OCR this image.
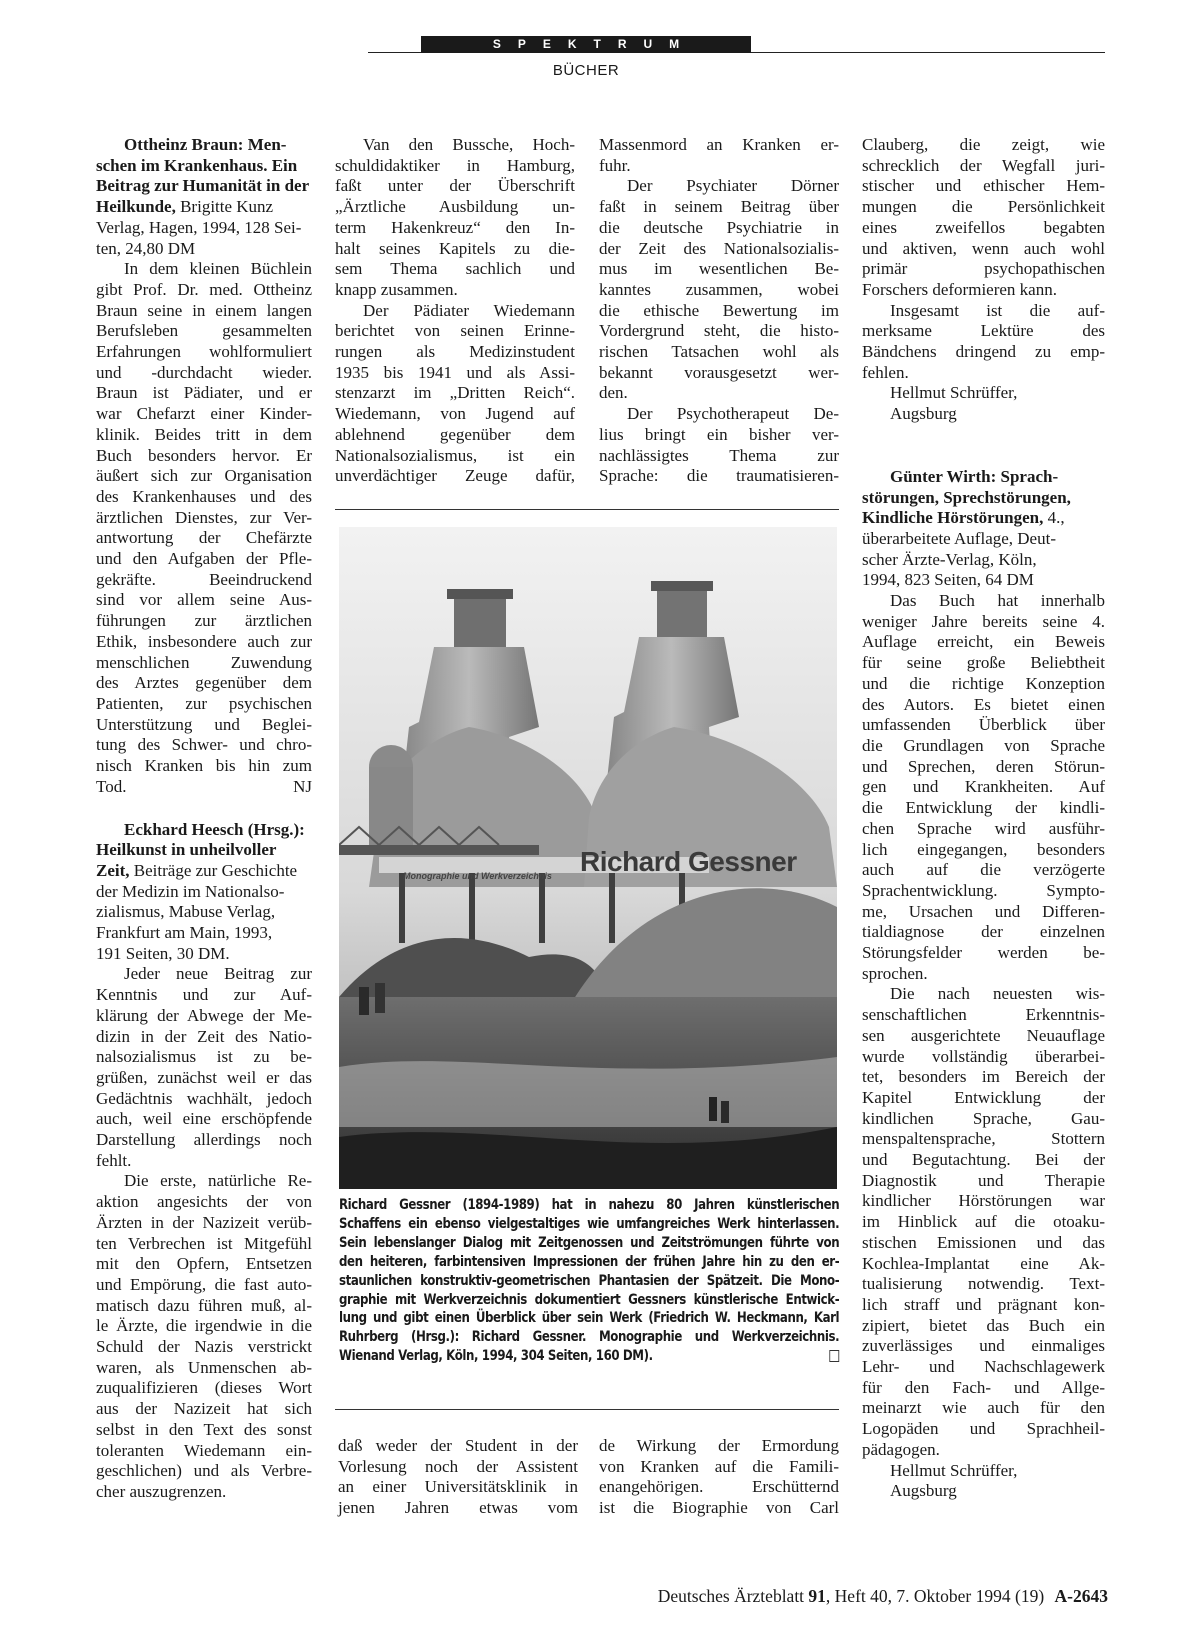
SPEKTRUM
BÜCHER

Ottheinz Braun: Men-

schen im Krankenhaus. Ein

Beitrag zur Humanität in der

Heilkunde, Brigitte Kunz

Verlag, Hagen, 1994, 128 Sei-

ten, 24,80 DM

In dem kleinen Büchlein

gibt Prof. Dr. med. Ottheinz

Braun seine in einem langen

Berufsleben gesammelten

Erfahrungen wohlformuliert

und -durchdacht wieder.

Braun ist Pädiater, und er

war Chefarzt einer Kinder-

klinik. Beides tritt in dem

Buch besonders hervor. Er

äußert sich zur Organisation

des Krankenhauses und des

ärztlichen Dienstes, zur Ver-

antwortung der Chefärzte

und den Aufgaben der Pfle-

gekräfte. Beeindruckend

sind vor allem seine Aus-

führungen zur ärztlichen

Ethik, insbesondere auch zur

menschlichen Zuwendung

des Arztes gegenüber dem

Patienten, zur psychischen

Unterstützung und Beglei-

tung des Schwer- und chro-

nisch Kranken bis hin zum

Tod.	NJ

Eckhard Heesch (Hrsg.):

Heilkunst in unheilvoller

Zeit, Beiträge zur Geschichte

der Medizin im Nationalso-

zialismus, Mabuse Verlag,

Frankfurt am Main, 1993,

191 Seiten, 30 DM.

Jeder neue Beitrag zur

Kenntnis und zur Auf-

klärung der Abwege der Me-

dizin in der Zeit des Natio-

nalsozialismus ist zu be-

grüßen, zunächst weil er das

Gedächtnis wachhält, jedoch

auch, weil eine erschöpfende

Darstellung allerdings noch

fehlt.

Die erste, natürliche Re-

aktion angesichts der von

Ärzten in der Nazizeit verüb-

ten Verbrechen ist Mitgefühl

mit den Opfern, Entsetzen

und Empörung, die fast auto-

matisch dazu führen muß, al-

le Ärzte, die irgendwie in die

Schuld der Nazis verstrickt

waren, als Unmenschen ab-

zuqualifizieren (dieses Wort

aus der Nazizeit hat sich

selbst in den Text des sonst

toleranten Wiedemann ein-

geschlichen) und als Verbre-

cher auszugrenzen.

Van den Bussche, Hoch-

schuldidaktiker in Hamburg,

faßt unter der Überschrift

„Ärztliche Ausbildung un-

term Hakenkreuz“ den In-

halt seines Kapitels zu die-

sem Thema sachlich und

knapp zusammen.

Der Pädiater Wiedemann

berichtet von seinen Erinne-

rungen als Medizinstudent

1935 bis 1941 und als Assi-

stenzarzt im „Dritten Reich“.

Wiedemann, von Jugend auf

ablehnend gegenüber dem

Nationalsozialismus, ist ein

unverdächtiger Zeuge dafür,

Massenmord an Kranken er-

fuhr.

Der Psychiater Dörner

faßt in seinem Beitrag über

die deutsche Psychiatrie in

der Zeit des Nationalsozialis-

mus im wesentlichen Be-

kanntes zusammen, wobei

die ethische Bewertung im

Vordergrund steht, die histo-

rischen Tatsachen wohl als

bekannt vorausgesetzt wer-

den.

Der Psychotherapeut De-

lius bringt ein bisher ver-

nachlässigtes Thema zur

Sprache: die traumatisieren-

Monographie und Werkverzeichnis Richard Gessner
Richard Gessner (1894-1989) hat in nahezu 80 Jahren künstlerischen
Schaffens ein ebenso vielgestaltiges wie umfangreiches Werk hinterlassen.
Sein lebenslanger Dialog mit Zeitgenossen und Zeitströmungen führte von
den heiteren, farbintensiven Impressionen der frühen Jahre hin zu den er-
staunlichen konstruktiv-geometrischen Phantasien der Spätzeit. Die Mono-
graphie mit Werkverzeichnis dokumentiert Gessners künstlerische Entwick-
lung und gibt einen Überblick über sein Werk (Friedrich W. Heckmann, Karl
Ruhrberg (Hrsg.): Richard Gessner. Monographie und Werkverzeichnis.
Wienand Verlag, Köln, 1994, 304 Seiten, 160 DM).

daß weder der Student in der

Vorlesung noch der Assistent

an einer Universitätsklinik in

jenen Jahren etwas vom

de Wirkung der Ermordung

von Kranken auf die Famili-

enangehörigen. Erschütternd

ist die Biographie von Carl

Clauberg, die zeigt, wie

schrecklich der Wegfall juri-

stischer und ethischer Hem-

mungen die Persönlichkeit

eines zweifellos begabten

und aktiven, wenn auch wohl

primär psychopathischen

Forschers deformieren kann.

Insgesamt ist die auf-

merksame Lektüre des

Bändchens dringend zu emp-

fehlen.

Hellmut Schrüffer,

Augsburg

Günter Wirth: Sprach-

störungen, Sprechstörungen,

Kindliche Hörstörungen, 4.,

überarbeitete Auflage, Deut-

scher Ärzte-Verlag, Köln,

1994, 823 Seiten, 64 DM

Das Buch hat innerhalb

weniger Jahre bereits seine 4.

Auflage erreicht, ein Beweis

für seine große Beliebtheit

und die richtige Konzeption

des Autors. Es bietet einen

umfassenden Überblick über

die Grundlagen von Sprache

und Sprechen, deren Störun-

gen und Krankheiten. Auf

die Entwicklung der kindli-

chen Sprache wird ausführ-

lich eingegangen, besonders

auch auf die verzögerte

Sprachentwicklung. Sympto-

me, Ursachen und Differen-

tialdiagnose der einzelnen

Störungsfelder werden be-

sprochen.

Die nach neuesten wis-

senschaftlichen Erkenntnis-

sen ausgerichtete Neuauflage

wurde vollständig überarbei-

tet, besonders im Bereich der

Kapitel Entwicklung der

kindlichen Sprache, Gau-

menspaltensprache, Stottern

und Begutachtung. Bei der

Diagnostik und Therapie

kindlicher Hörstörungen war

im Hinblick auf die otoaku-

stischen Emissionen und das

Kochlea-Implantat eine Ak-

tualisierung notwendig. Text-

lich straff und prägnant kon-

zipiert, bietet das Buch ein

zuverlässiges und einmaliges

Lehr- und Nachschlagewerk

für den Fach- und Allge-

meinarzt wie auch für den

Logopäden und Sprachheil-

pädagogen.

Hellmut Schrüffer,

Augsburg

Deutsches Ärzteblatt 91, Heft 40, 7. Oktober 1994 (19) A-2643
